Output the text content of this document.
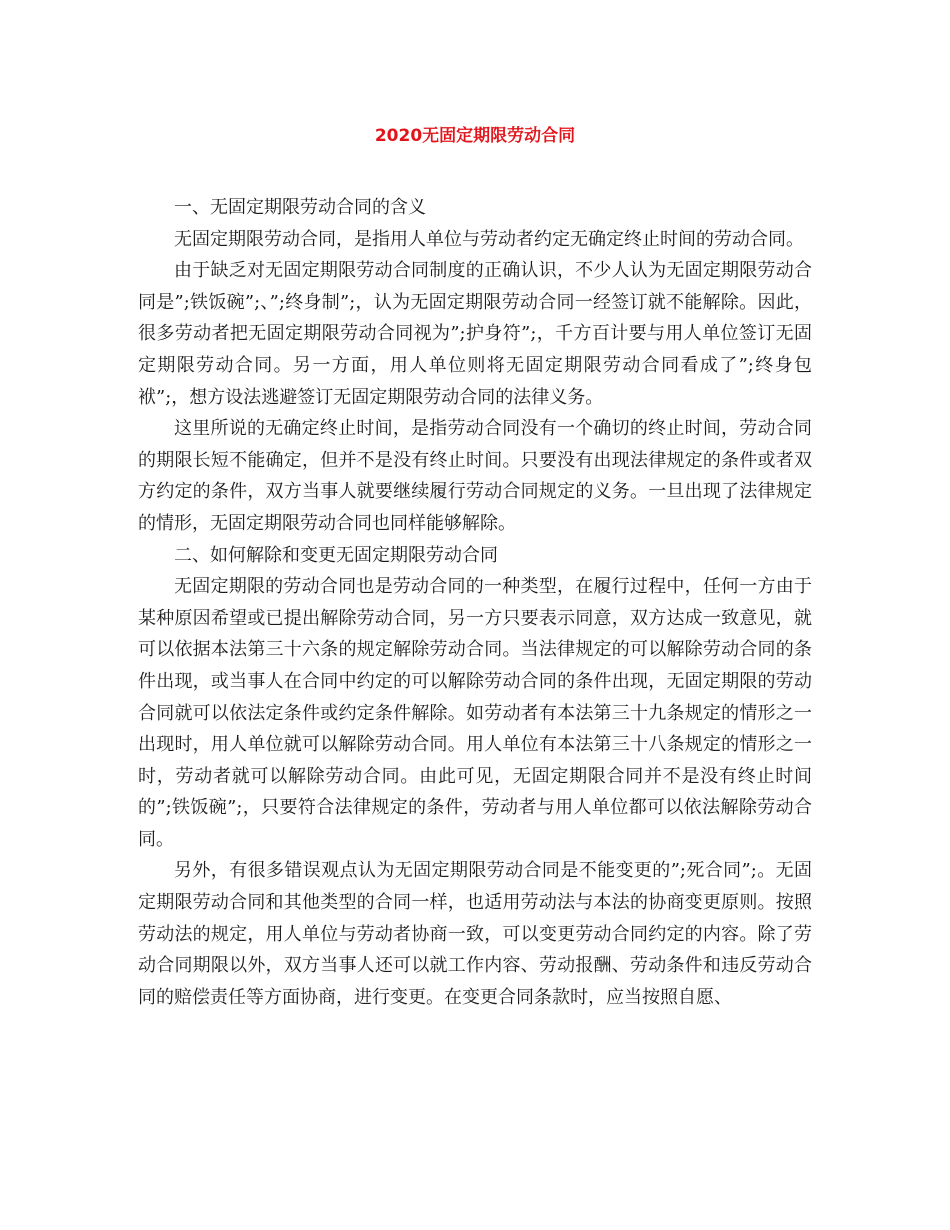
2020无固定期限劳动合同

一、无固定期限劳动合同的含义

无固定期限劳动合同，是指用人单位与劳动者约定无确定终止时间的劳动合同。

由于缺乏对无固定期限劳动合同制度的正确认识，不少人认为无固定期限劳动合同是”;铁饭碗”;、”;终身制”;，认为无固定期限劳动合同一经签订就不能解除。因此，很多劳动者把无固定期限劳动合同视为”;护身符”;，千方百计要与用人单位签订无固定期限劳动合同。另一方面，用人单位则将无固定期限劳动合同看成了”;终身包袱”;，想方设法逃避签订无固定期限劳动合同的法律义务。

这里所说的无确定终止时间，是指劳动合同没有一个确切的终止时间，劳动合同的期限长短不能确定，但并不是没有终止时间。只要没有出现法律规定的条件或者双方约定的条件，双方当事人就要继续履行劳动合同规定的义务。一旦出现了法律规定的情形，无固定期限劳动合同也同样能够解除。

二、如何解除和变更无固定期限劳动合同

无固定期限的劳动合同也是劳动合同的一种类型，在履行过程中，任何一方由于某种原因希望或已提出解除劳动合同，另一方只要表示同意，双方达成一致意见，就可以依据本法第三十六条的规定解除劳动合同。当法律规定的可以解除劳动合同的条件出现，或当事人在合同中约定的可以解除劳动合同的条件出现，无固定期限的劳动合同就可以依法定条件或约定条件解除。如劳动者有本法第三十九条规定的情形之一出现时，用人单位就可以解除劳动合同。用人单位有本法第三十八条规定的情形之一时，劳动者就可以解除劳动合同。由此可见，无固定期限合同并不是没有终止时间的”;铁饭碗”;，只要符合法律规定的条件，劳动者与用人单位都可以依法解除劳动合同。

另外，有很多错误观点认为无固定期限劳动合同是不能变更的”;死合同”;。无固定期限劳动合同和其他类型的合同一样，也适用劳动法与本法的协商变更原则。按照劳动法的规定，用人单位与劳动者协商一致，可以变更劳动合同约定的内容。除了劳动合同期限以外，双方当事人还可以就工作内容、劳动报酬、劳动条件和违反劳动合同的赔偿责任等方面协商，进行变更。在变更合同条款时，应当按照自愿、
